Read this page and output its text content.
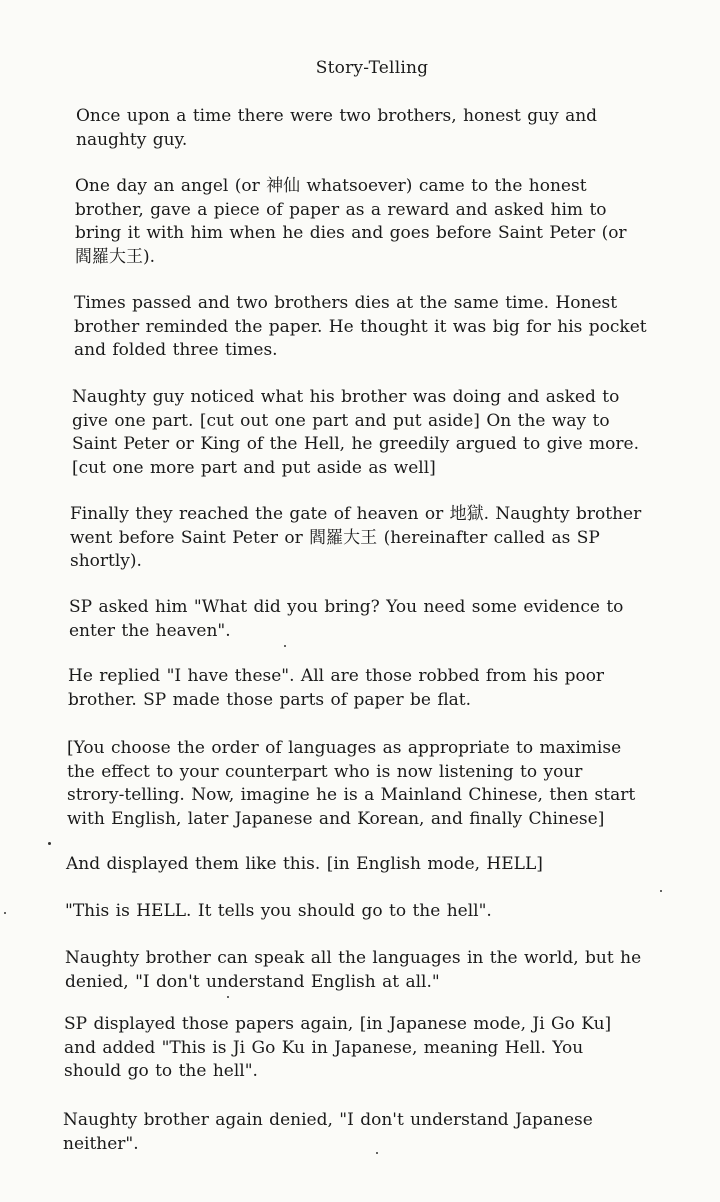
Story-Telling
Once upon a time there were two brothers, honest guy and
naughty guy.
One day an angel (or 神仙 whatsoever) came to the honest
brother, gave a piece of paper as a reward and asked him to
bring it with him when he dies and goes before Saint Peter (or
閻羅大王).
Times passed and two brothers dies at the same time. Honest
brother reminded the paper. He thought it was big for his pocket
and folded three times.
Naughty guy noticed what his brother was doing and asked to
give one part. [cut out one part and put aside] On the way to
Saint Peter or King of the Hell, he greedily argued to give more.
[cut one more part and put aside as well]
Finally they reached the gate of heaven or 地獄. Naughty brother
went before Saint Peter or 閻羅大王 (hereinafter called as SP
shortly).
SP asked him "What did you bring? You need some evidence to
enter the heaven".
He replied "I have these". All are those robbed from his poor
brother. SP made those parts of paper be flat.
[You choose the order of languages as appropriate to maximise
the effect to your counterpart who is now listening to your
strory-telling. Now, imagine he is a Mainland Chinese, then start
with English, later Japanese and Korean, and finally Chinese]
And displayed them like this. [in English mode, HELL]
"This is HELL. It tells you should go to the hell".
Naughty brother can speak all the languages in the world, but he
denied, "I don't understand English at all."
SP displayed those papers again, [in Japanese mode, Ji Go Ku]
and added "This is Ji Go Ku in Japanese, meaning Hell. You
should go to the hell".
Naughty brother again denied, "I don't understand Japanese
neither".
